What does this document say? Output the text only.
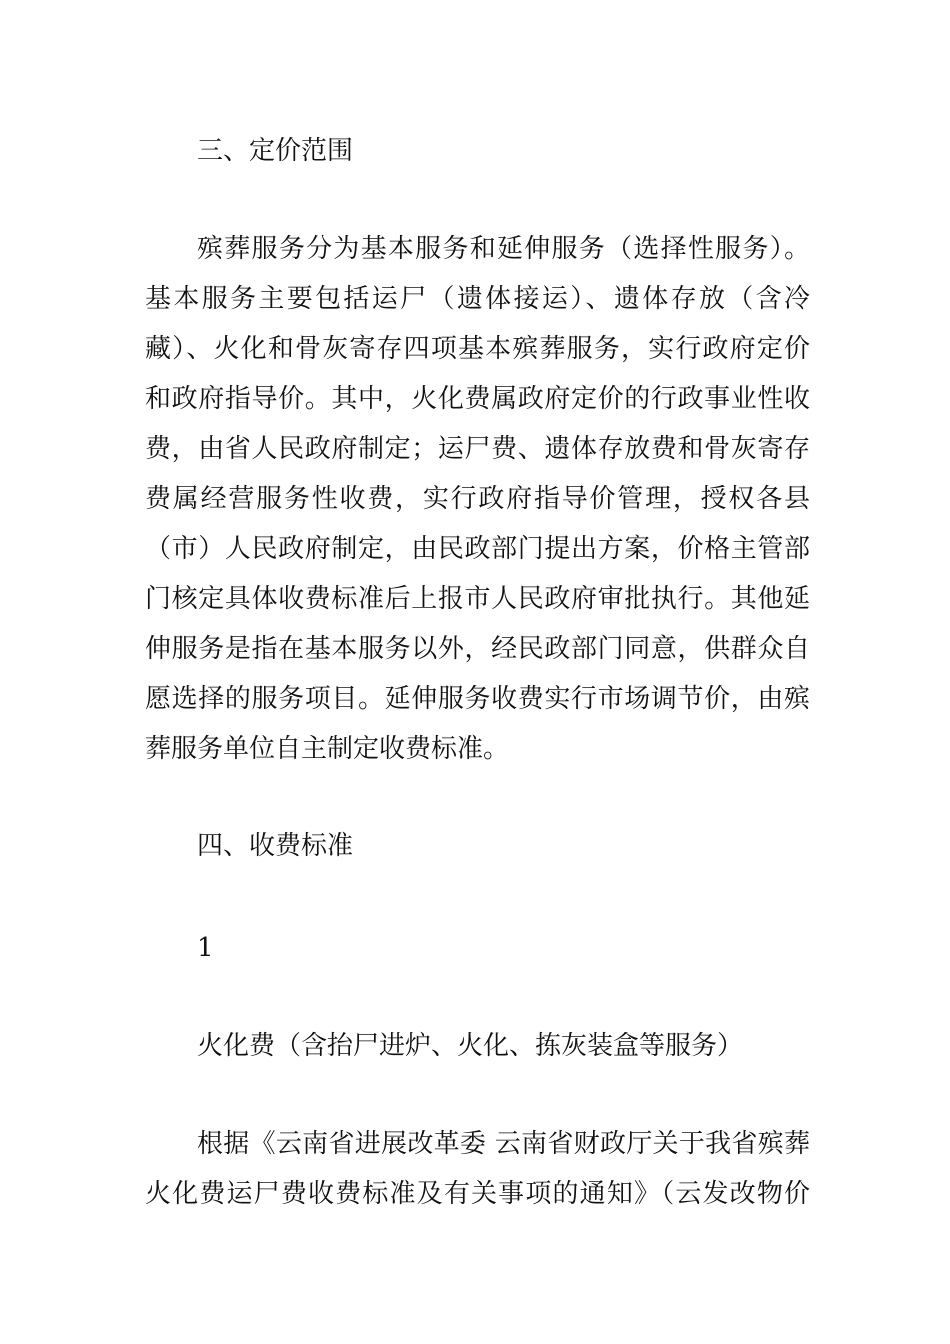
三、定价范围
殡葬服务分为基本服务和延伸服务（选择性服务）。
基本服务主要包括运尸（遗体接运）、遗体存放（含冷
藏）、火化和骨灰寄存四项基本殡葬服务，实行政府定价
和政府指导价。其中，火化费属政府定价的行政事业性收
费，由省人民政府制定；运尸费、遗体存放费和骨灰寄存
费属经营服务性收费，实行政府指导价管理，授权各县
（市）人民政府制定，由民政部门提出方案，价格主管部
门核定具体收费标准后上报市人民政府审批执行。其他延
伸服务是指在基本服务以外，经民政部门同意，供群众自
愿选择的服务项目。延伸服务收费实行市场调节价，由殡
葬服务单位自主制定收费标准。
四、收费标准
1
火化费（含抬尸进炉、火化、拣灰装盒等服务）
根据《云南省进展改革委 云南省财政厅关于我省殡葬
火化费运尸费收费标准及有关事项的通知》（云发改物价
